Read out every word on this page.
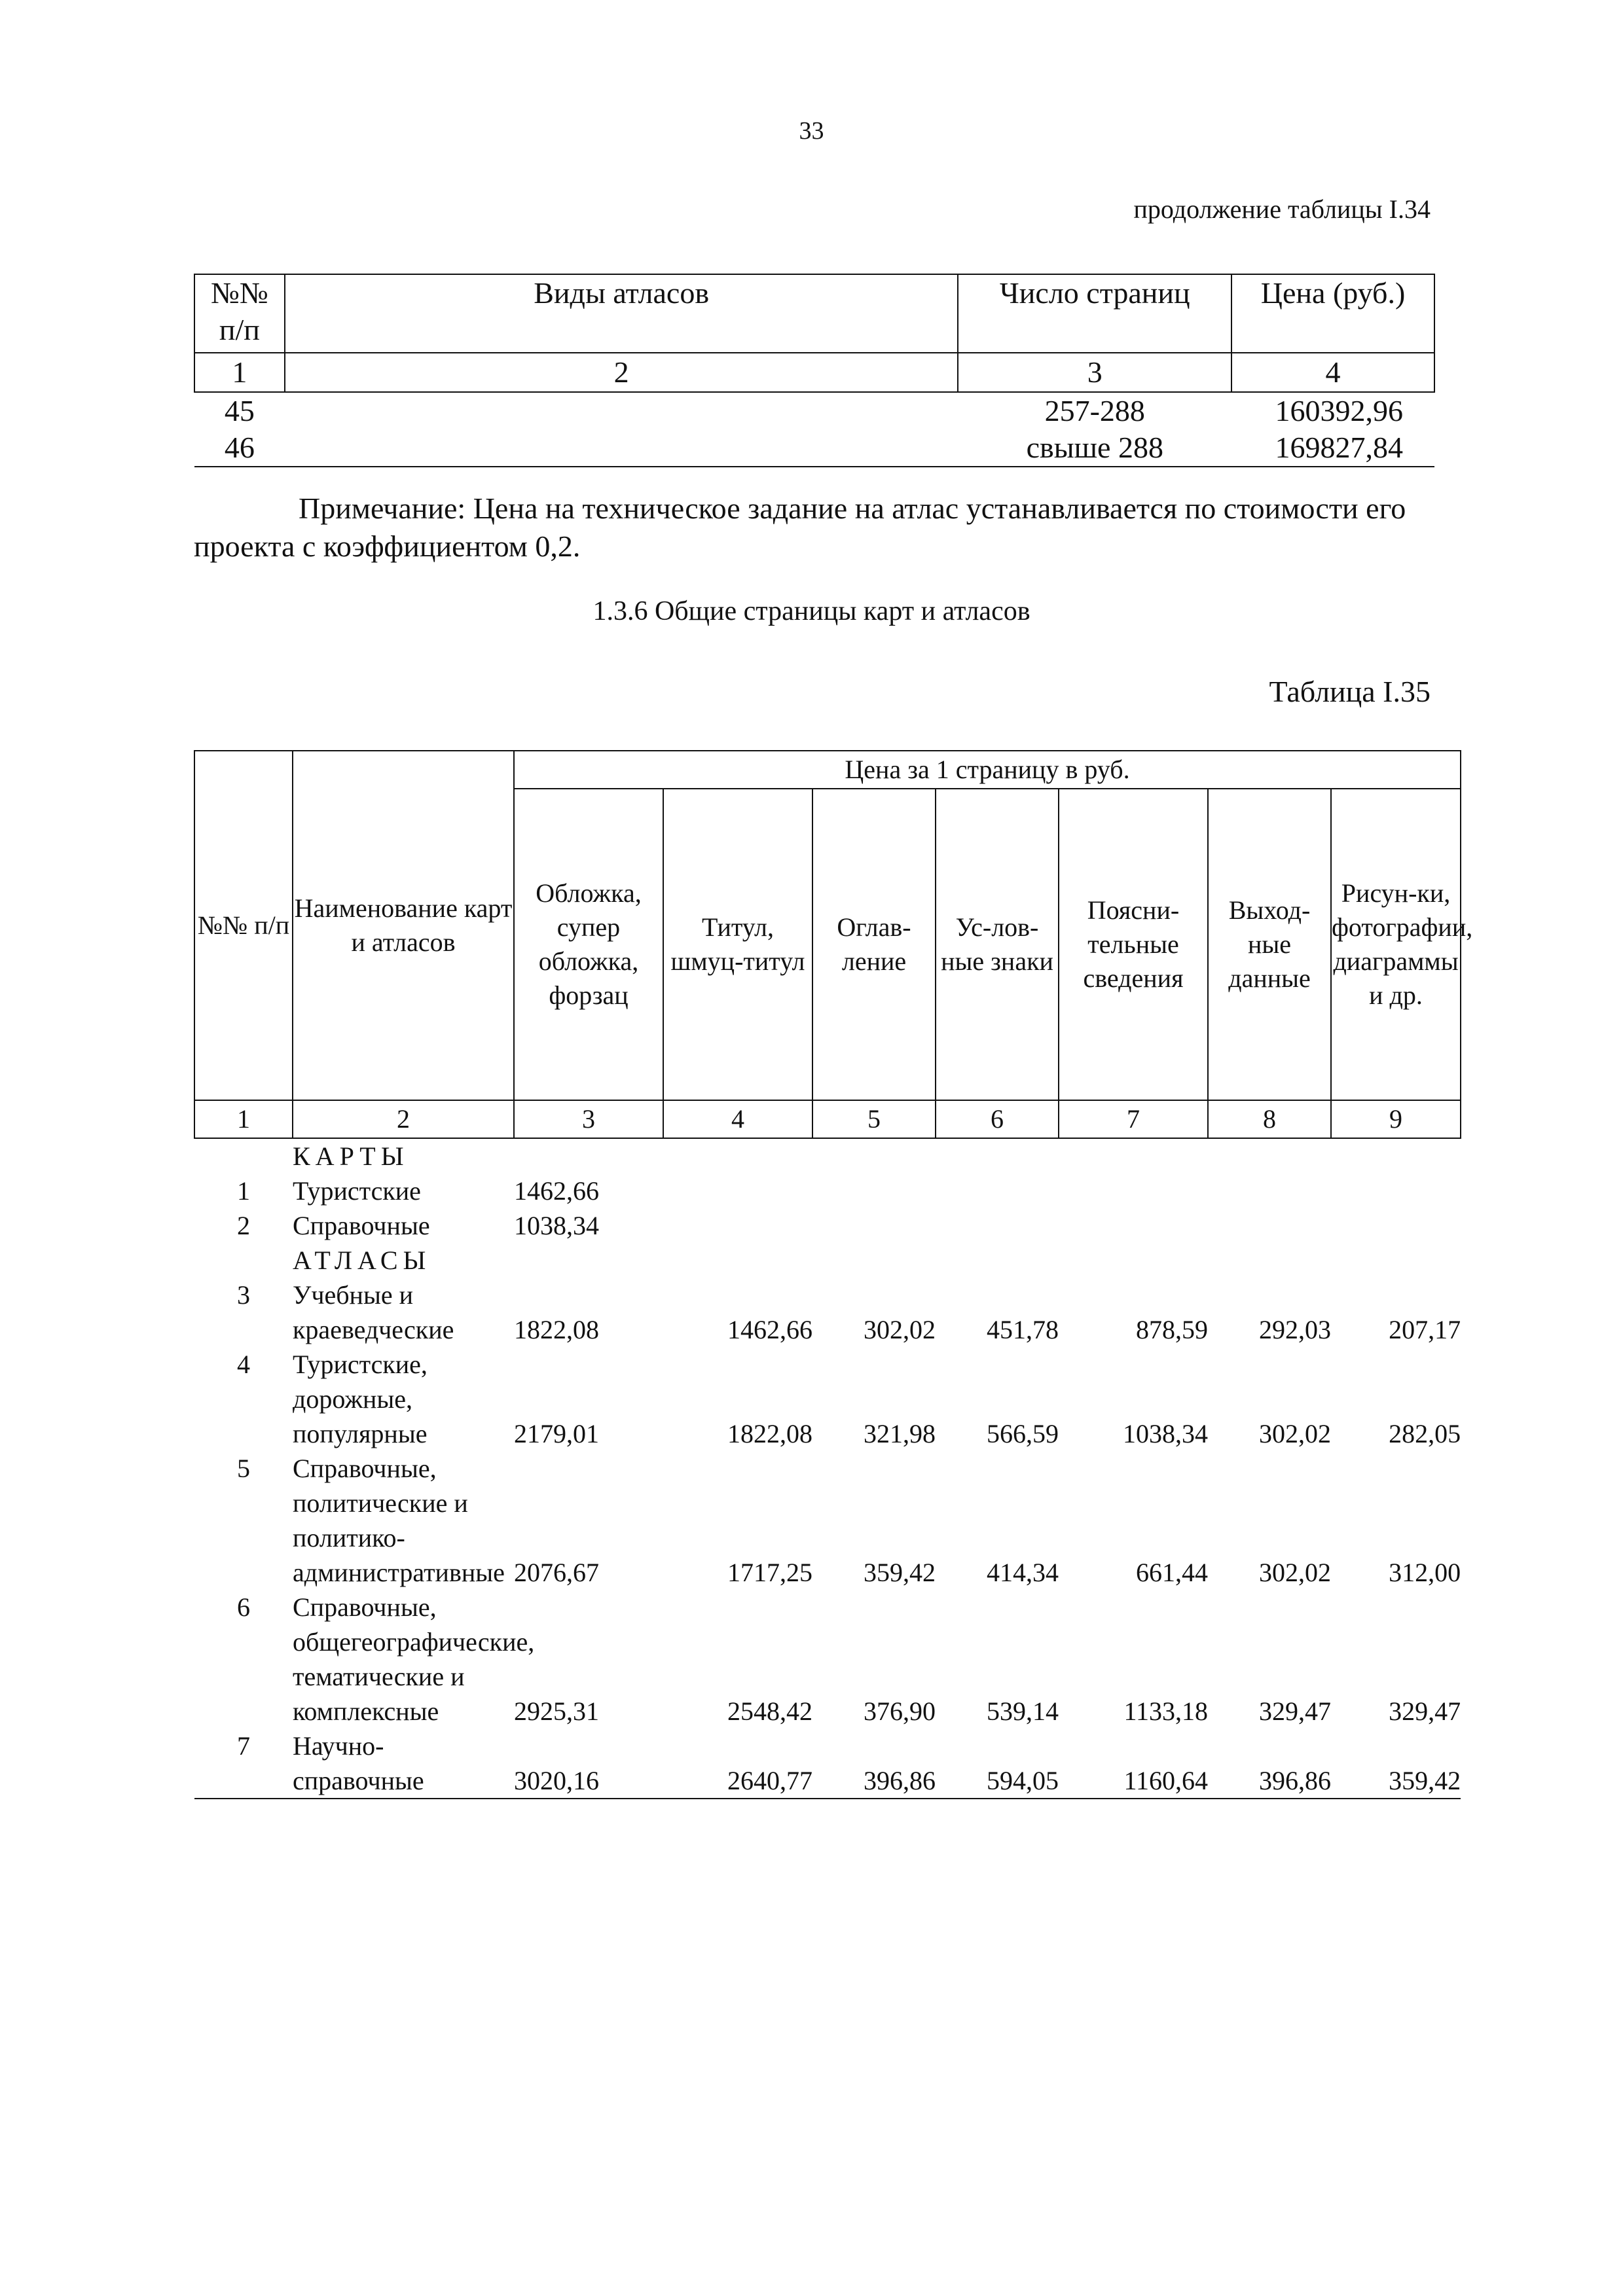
33
продолжение таблицы I.34
№№ п/п	Виды атласов	Число страниц	Цена (руб.)
1	2	3	4
45		257-288	160392,96
46		свыше 288	169827,84
Примечание: Цена на техническое задание на атлас устанавливается по стоимости его проекта с коэффициентом 0,2.
1.3.6 Общие страницы карт и атласов
Таблица I.35
№№ п/п	Наименование карт и атласов	Цена за 1 страницу в руб.						
		Обложка, супер обложка, форзац	Титул, шмуц-титул	Оглав-ление	Ус-лов-ные знаки	Поясни-тельные сведения	Выход-ные данные	Рисун-ки, фотографии, диаграммы и др.
1	2	3	4	5	6	7	8	9
	КАРТЫ							
1	Туристские	1462,66						
2	Справочные	1038,34						
	АТЛАСЫ							
3	Учебные и краеведческие	1822,08	1462,66	302,02	451,78	878,59	292,03	207,17
4	Туристские, дорожные, популярные	2179,01	1822,08	321,98	566,59	1038,34	302,02	282,05
5	Справочные, политические и политико-административные	2076,67	1717,25	359,42	414,34	661,44	302,02	312,00
6	Справочные, общегеографические, тематические и комплексные	2925,31	2548,42	376,90	539,14	1133,18	329,47	329,47
7	Научно-справочные	3020,16	2640,77	396,86	594,05	1160,64	396,86	359,42
